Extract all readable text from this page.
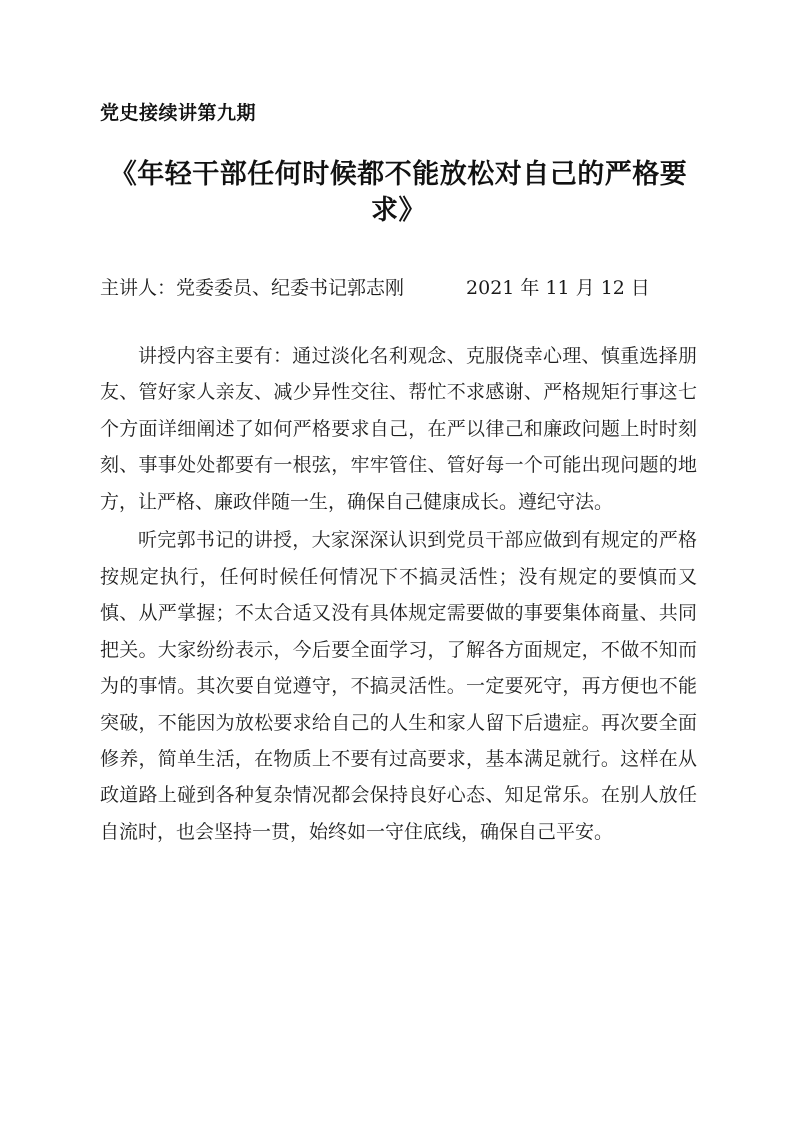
党史接续讲第九期
《年轻干部任何时候都不能放松对自己的严格要求》
主讲人：党委委员、纪委书记郭志刚	2021 年 11 月 12 日

讲授内容主要有：通过淡化名利观念、克服侥幸心理、慎重选择朋友、管好家人亲友、减少异性交往、帮忙不求感谢、严格规矩行事这七个方面详细阐述了如何严格要求自己，在严以律己和廉政问题上时时刻刻、事事处处都要有一根弦，牢牢管住、管好每一个可能出现问题的地方，让严格、廉政伴随一生，确保自己健康成长。遵纪守法。

听完郭书记的讲授，大家深深认识到党员干部应做到有规定的严格按规定执行，任何时候任何情况下不搞灵活性；没有规定的要慎而又慎、从严掌握；不太合适又没有具体规定需要做的事要集体商量、共同把关。大家纷纷表示，今后要全面学习，了解各方面规定，不做不知而为的事情。其次要自觉遵守，不搞灵活性。一定要死守，再方便也不能突破，不能因为放松要求给自己的人生和家人留下后遗症。再次要全面修养，简单生活，在物质上不要有过高要求，基本满足就行。这样在从政道路上碰到各种复杂情况都会保持良好心态、知足常乐。在别人放任自流时，也会坚持一贯，始终如一守住底线，确保自己平安。
